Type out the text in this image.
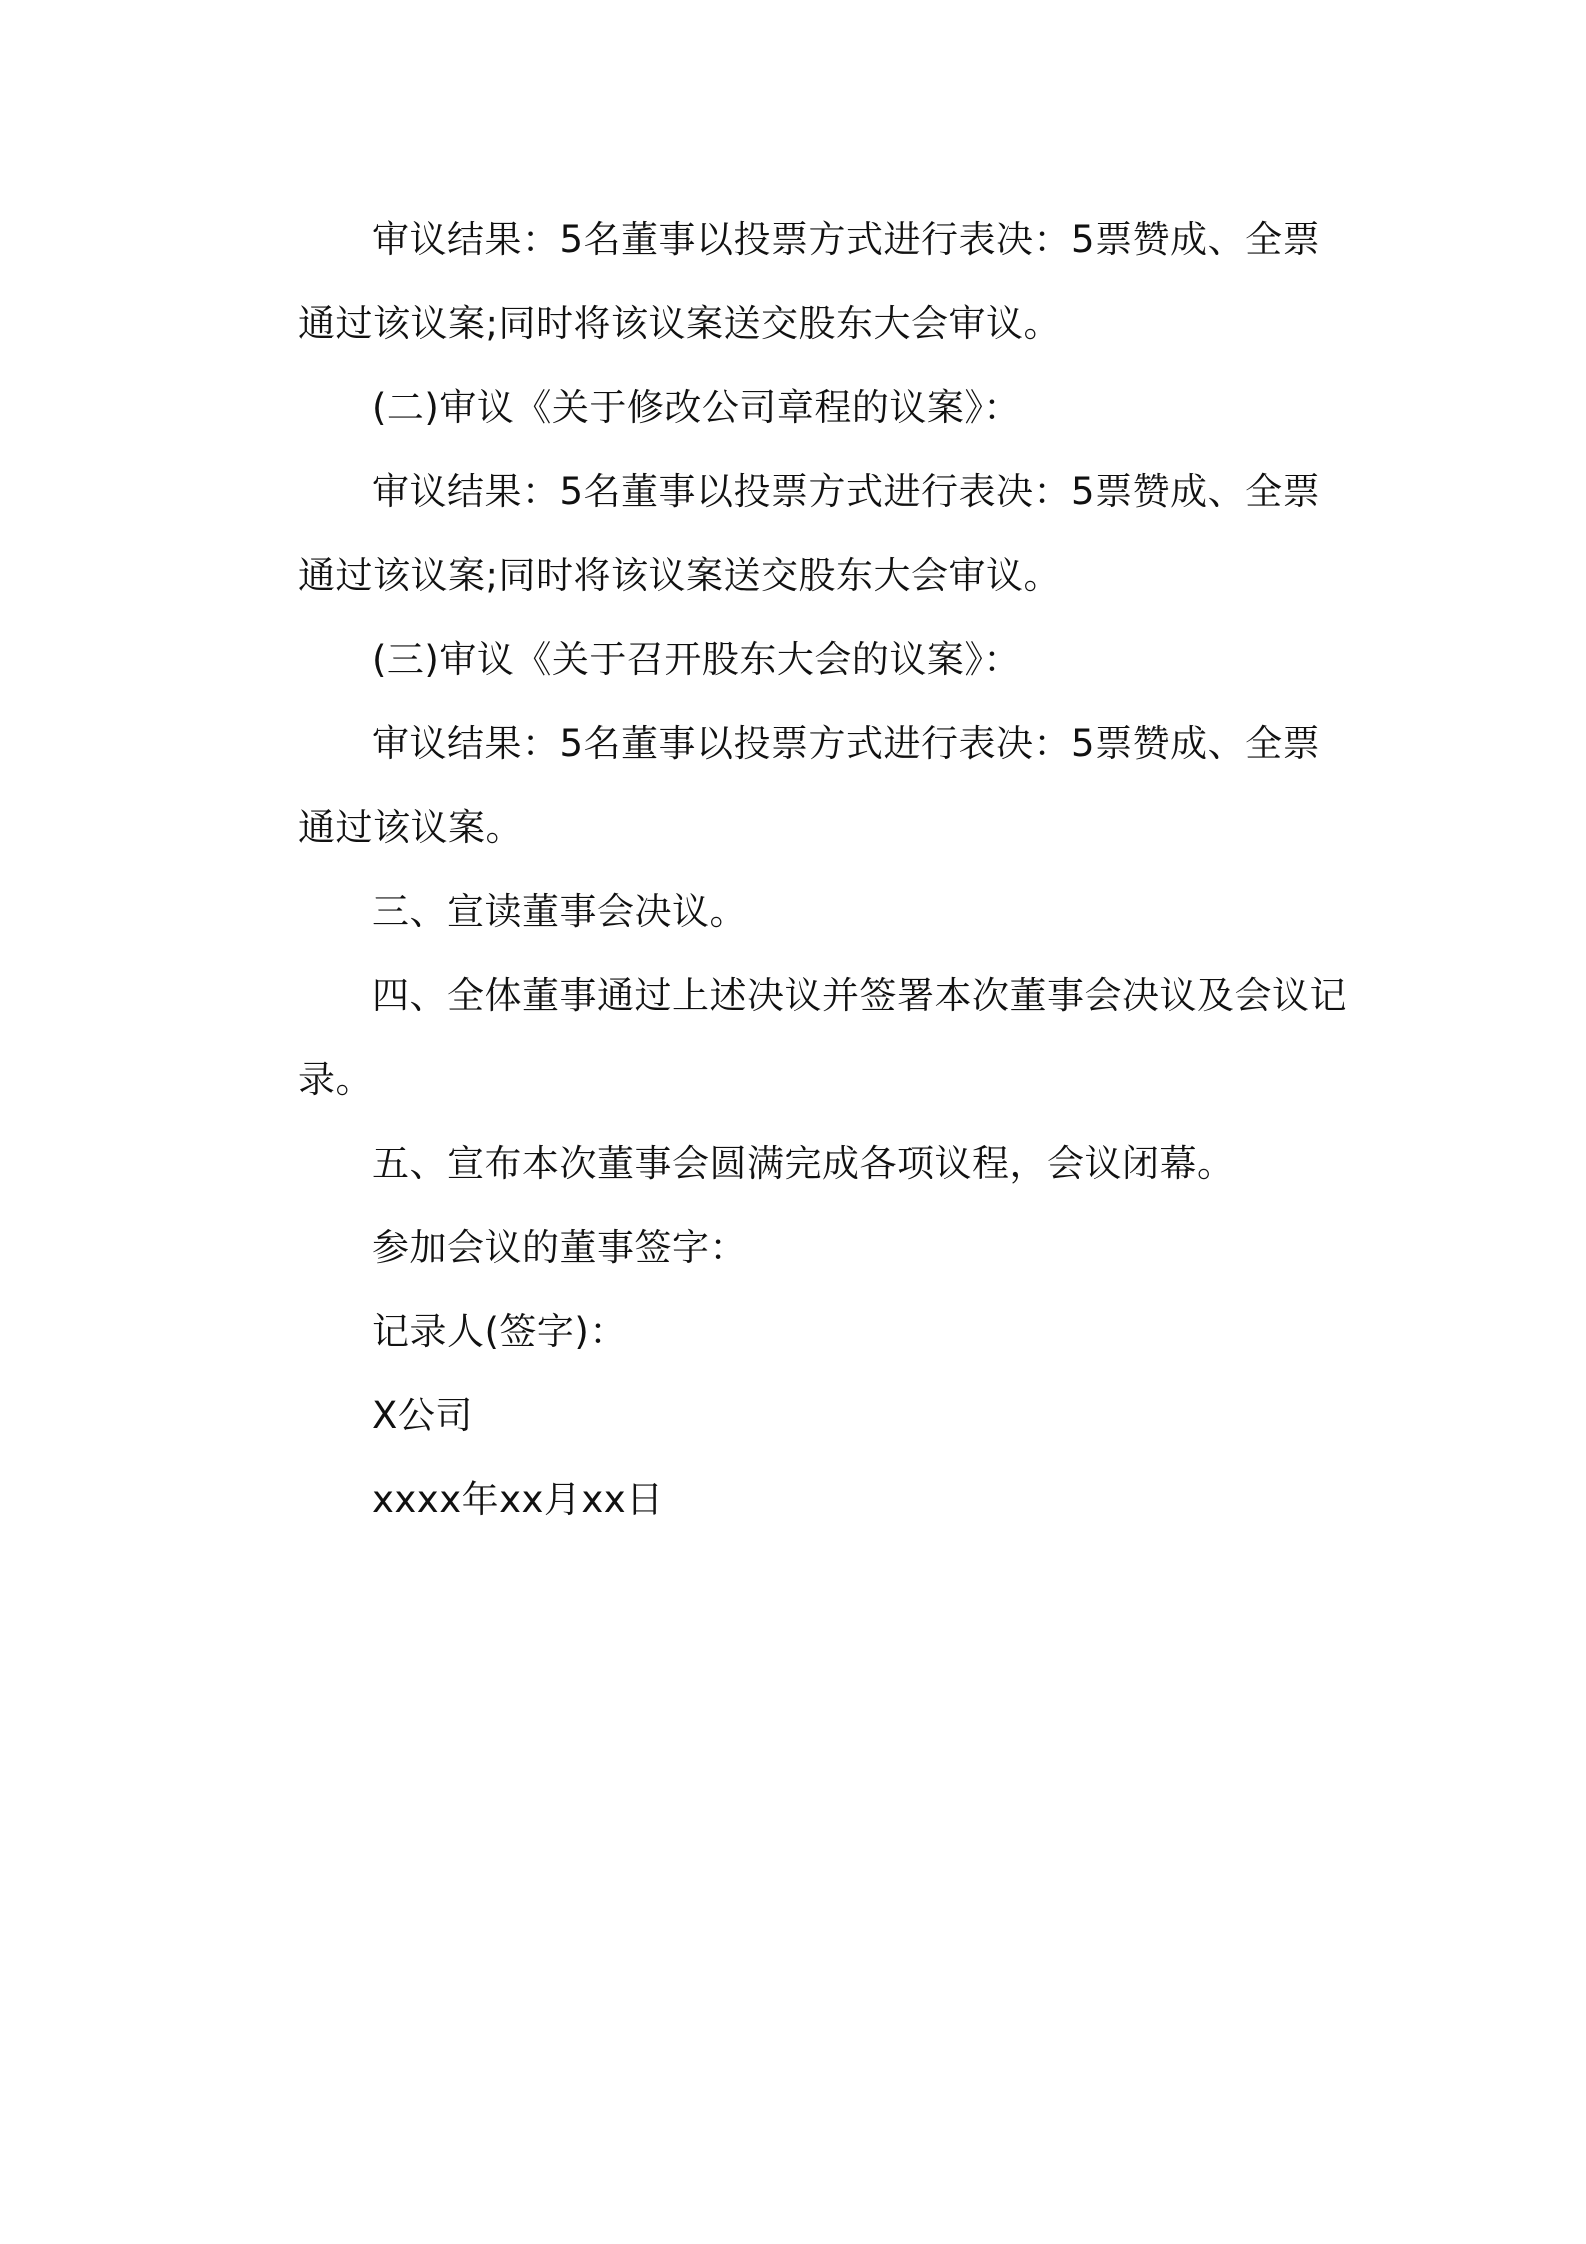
审议结果：5名董事以投票方式进行表决：5票赞成、全票通过该议案;同时将该议案送交股东大会审议。

(二)审议《关于修改公司章程的议案》：

审议结果：5名董事以投票方式进行表决：5票赞成、全票通过该议案;同时将该议案送交股东大会审议。

(三)审议《关于召开股东大会的议案》：

审议结果：5名董事以投票方式进行表决：5票赞成、全票通过该议案。

三、宣读董事会决议。

四、全体董事通过上述决议并签署本次董事会决议及会议记录。

五、宣布本次董事会圆满完成各项议程，会议闭幕。

参加会议的董事签字：

记录人(签字)：

X公司

xxxx年xx月xx日
